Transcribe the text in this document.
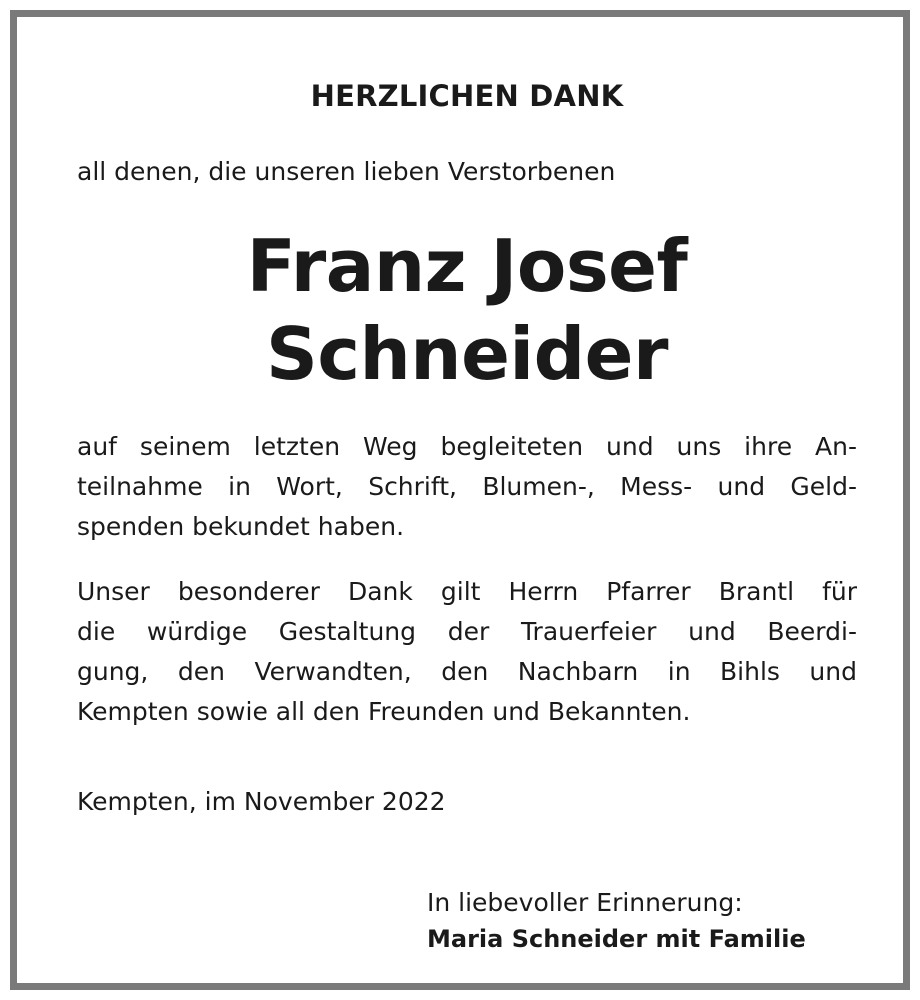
HERZLICHEN DANK
all denen, die unseren lieben Verstorbenen
Franz Josef
Schneider
auf seinem letzten Weg begleiteten und uns ihre An-
teilnahme in Wort, Schrift, Blumen-, Mess- und Geld-
spenden bekundet haben.
Unser besonderer Dank gilt Herrn Pfarrer Brantl für
die würdige Gestaltung der Trauerfeier und Beerdi-
gung, den Verwandten, den Nachbarn in Bihls und
Kempten sowie all den Freunden und Bekannten.
Kempten, im November 2022
In liebevoller Erinnerung:
Maria Schneider mit Familie
